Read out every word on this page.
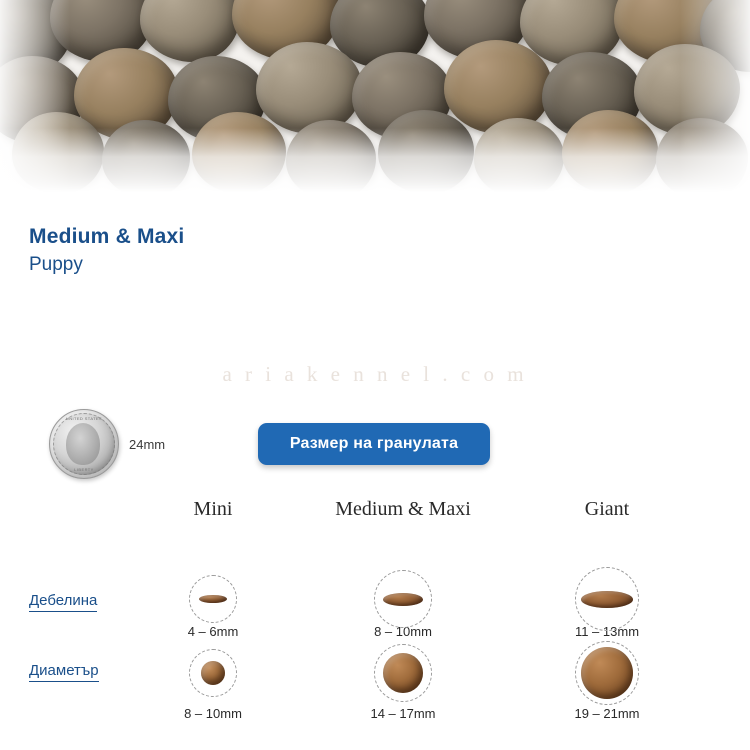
Medium & Maxi
Puppy
a r i a k e n n e l . c o m
UNITED STATES
LIBERTY
24mm	Размер на гранулата
Mini	Medium & Maxi	Giant
Дебелина
4 – 6mm	8 – 10mm	11 – 13mm
Диаметър
8 – 10mm	14 – 17mm	19 – 21mm
